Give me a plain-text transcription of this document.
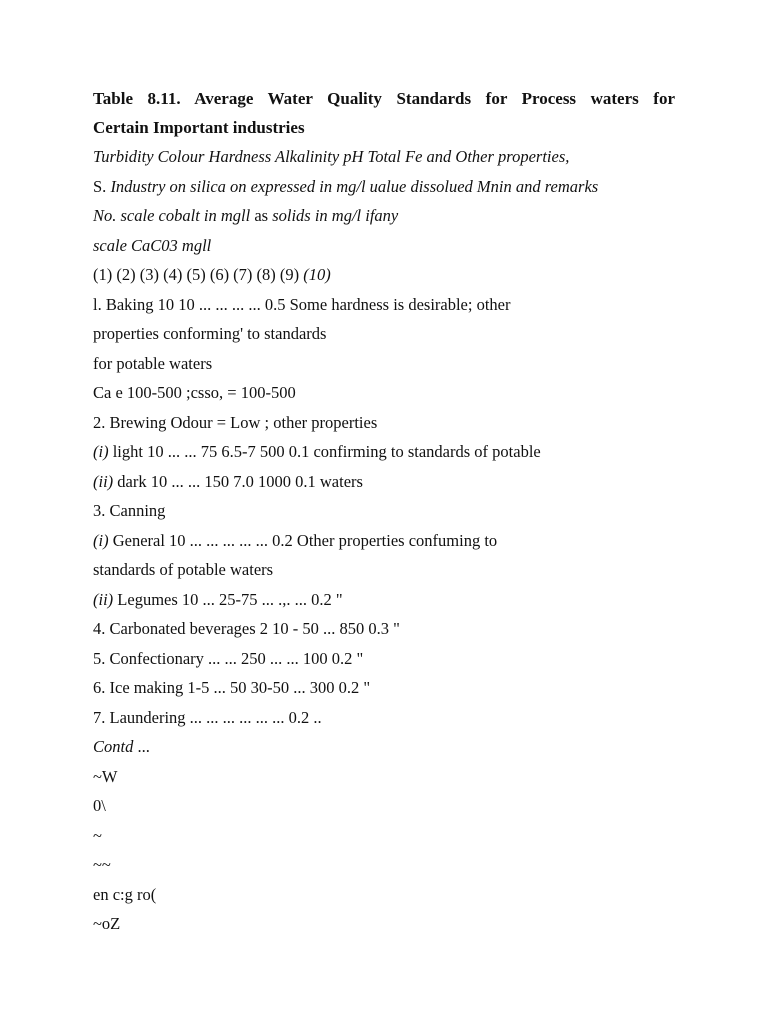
Table 8.11. Average Water Quality Standards for Process waters for
Certain Important industries
Turbidity Colour Hardness Alkalinity pH Total Fe and Other properties,
S. Industry on silica on expressed in mg/l ualue dissolued Mnin and remarks
No. scale cobalt in mgll as solids in mg/l ifany
scale CaC03 mgll
(1) (2) (3) (4) (5) (6) (7) (8) (9) (10)
l. Baking 10 10 ... ... ... ... 0.5 Some hardness is desirable; other
properties conforming' to standards
for potable waters
Ca e 100-500 ;csso, = 100-500
2. Brewing Odour = Low ; other properties
(i) light 10 ... ... 75 6.5-7 500 0.1 confirming to standards of potable
(ii) dark 10 ... ... 150 7.0 1000 0.1 waters
3. Canning
(i) General 10 ... ... ... ... ... 0.2 Other properties confuming to
standards of potable waters
(ii) Legumes 10 ... 25-75 ... .,. ... 0.2 "
4. Carbonated beverages 2 10 - 50 ... 850 0.3 "
5. Confectionary ... ... 250 ... ... 100 0.2 "
6. Ice making 1-5 ... 50 30-50 ... 300 0.2 "
7. Laundering ... ... ... ... ... ... 0.2 ..
Contd ...
~W
0\
~
~~
en c:g ro(
~oZ
